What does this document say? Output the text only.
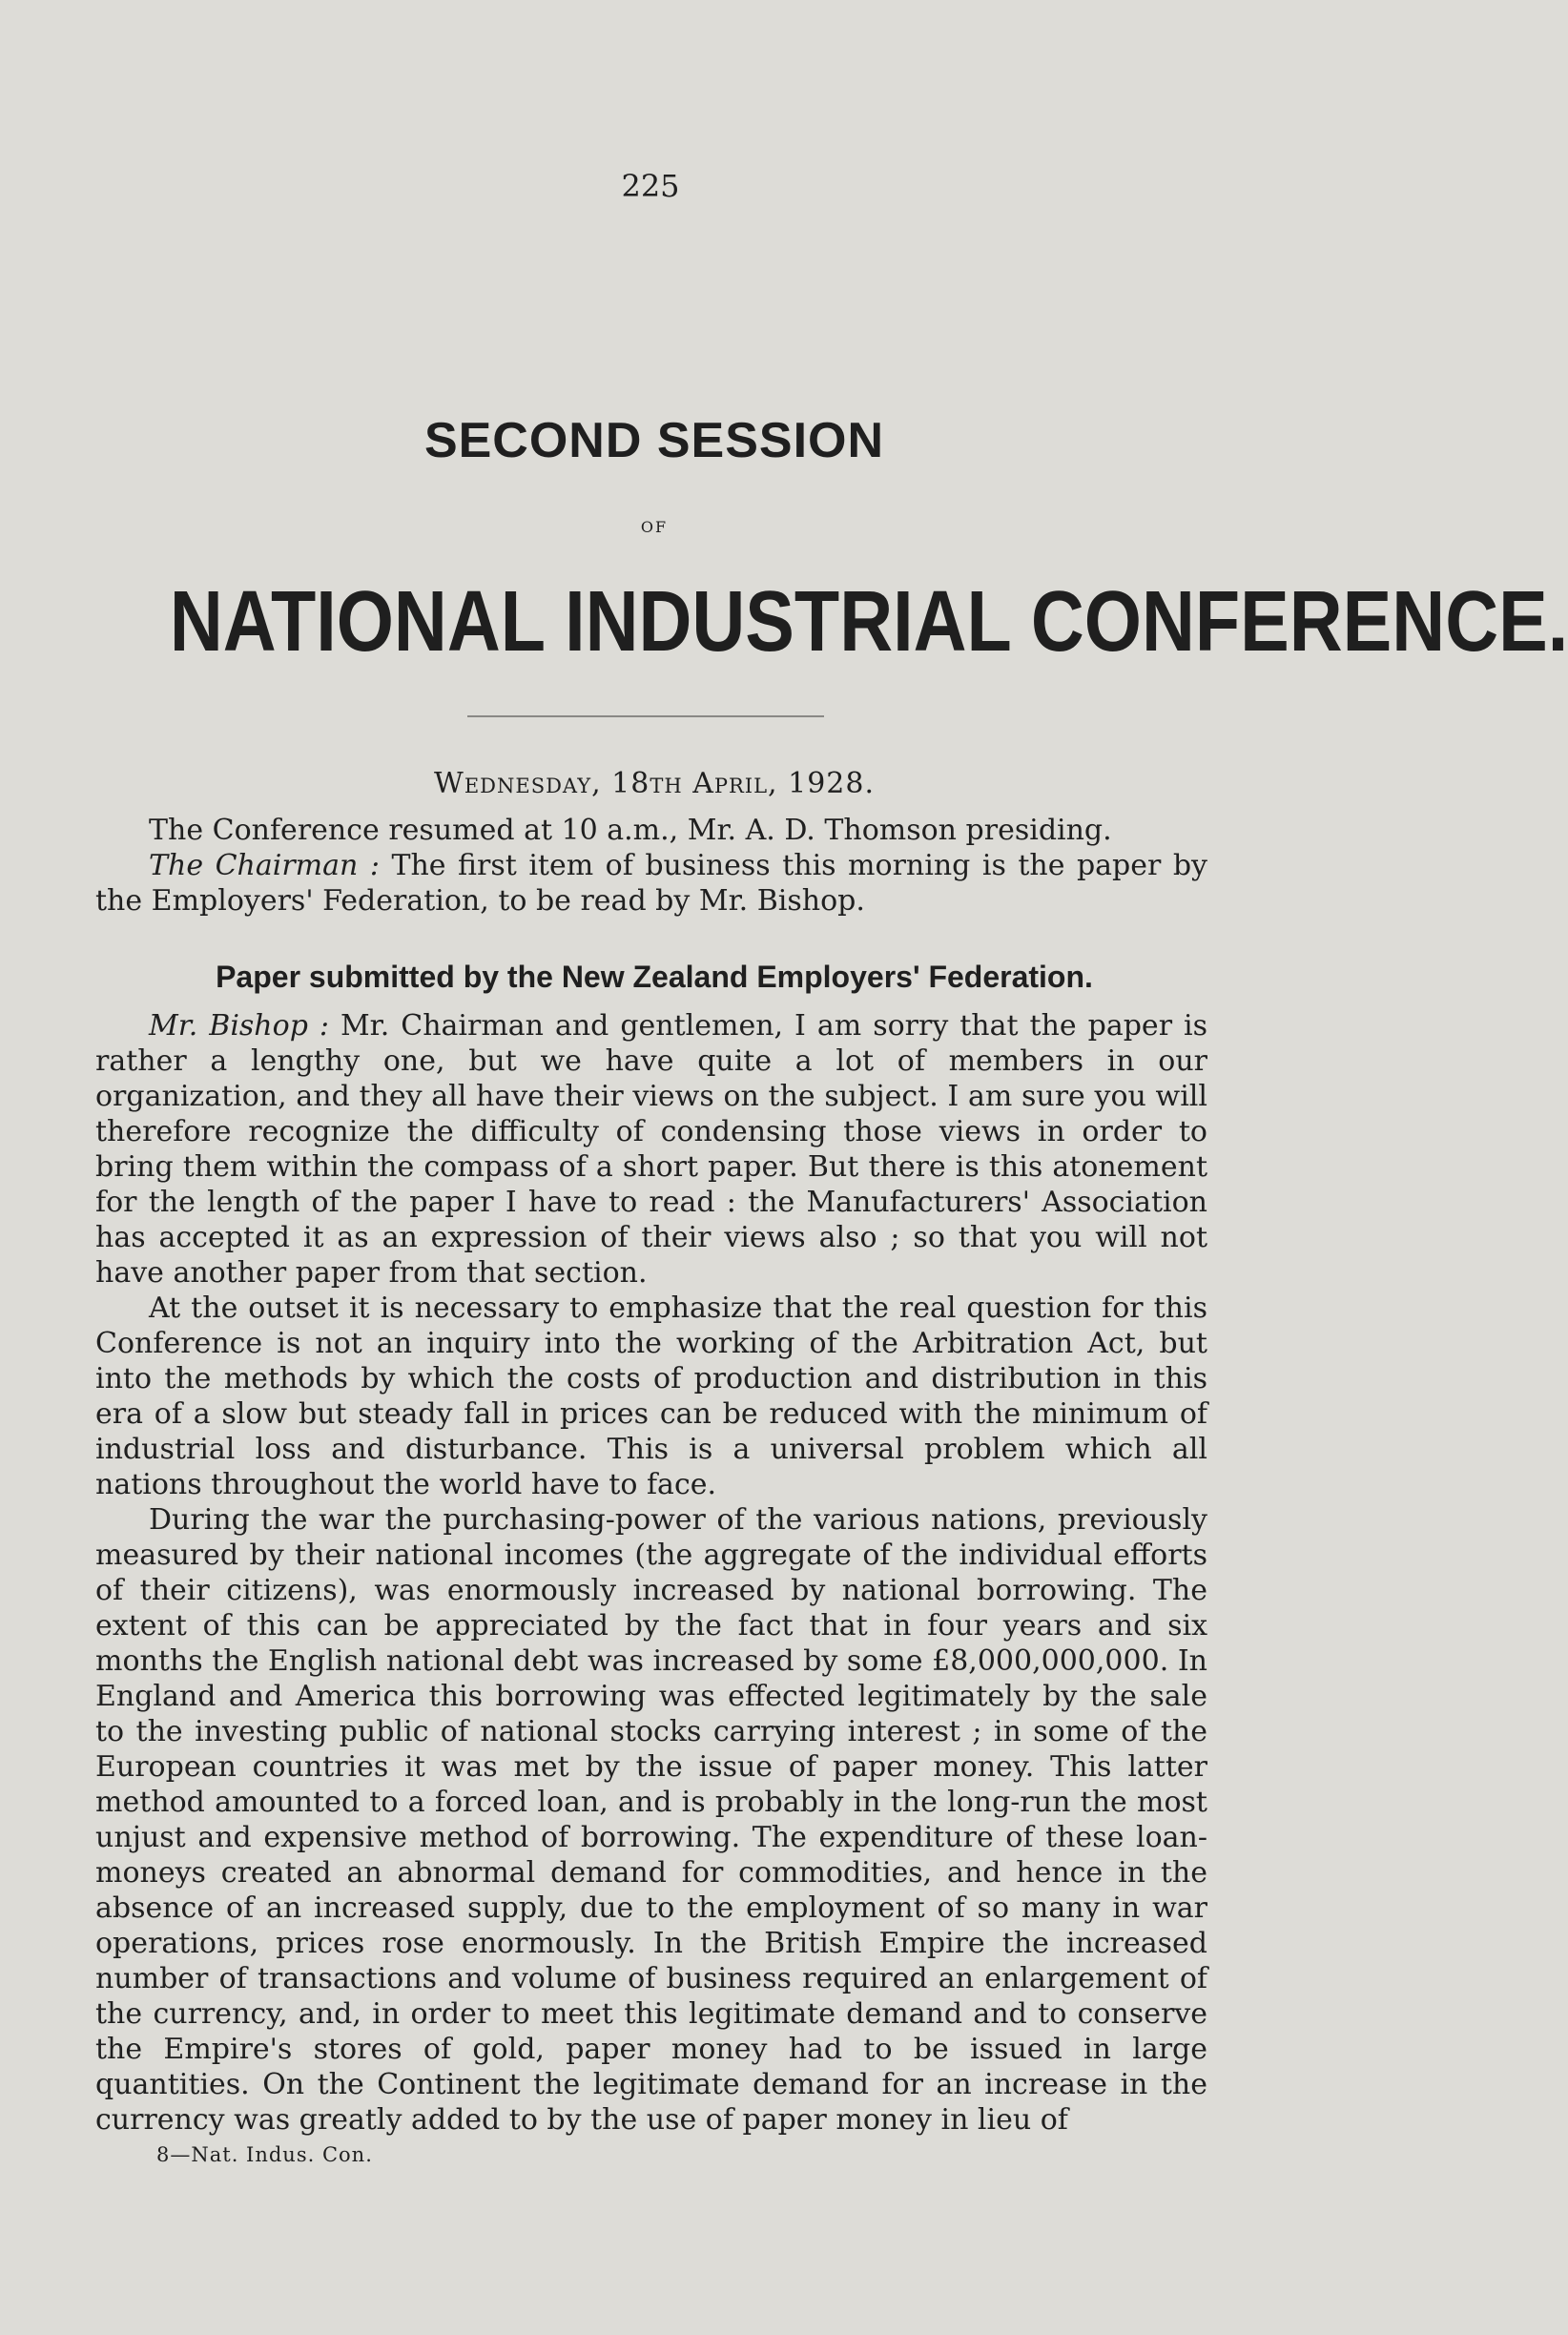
225
SECOND SESSION
OF
NATIONAL INDUSTRIAL CONFERENCE.
Wednesday, 18th April, 1928.

The Conference resumed at 10 a.m., Mr. A. D. Thomson presiding.

The Chairman : The first item of business this morning is the paper by the Employers' Federation, to be read by Mr. Bishop.

Paper submitted by the New Zealand Employers' Federation.

Mr. Bishop : Mr. Chairman and gentlemen, I am sorry that the paper is rather a lengthy one, but we have quite a lot of members in our organization, and they all have their views on the subject. I am sure you will therefore recognize the difficulty of condensing those views in order to bring them within the compass of a short paper. But there is this atonement for the length of the paper I have to read : the Manufacturers' Association has accepted it as an expression of their views also ; so that you will not have another paper from that section.

At the outset it is necessary to emphasize that the real question for this Conference is not an inquiry into the working of the Arbitration Act, but into the methods by which the costs of production and distribution in this era of a slow but steady fall in prices can be reduced with the minimum of industrial loss and disturbance. This is a universal problem which all nations throughout the world have to face.

During the war the purchasing-power of the various nations, previously measured by their national incomes (the aggregate of the individual efforts of their citizens), was enormously increased by national borrowing. The extent of this can be appreciated by the fact that in four years and six months the English national debt was increased by some £8,000,000,000. In England and America this borrowing was effected legitimately by the sale to the investing public of national stocks carrying interest ; in some of the European countries it was met by the issue of paper money. This latter method amounted to a forced loan, and is probably in the long-run the most unjust and expensive method of borrowing. The expenditure of these loan-moneys created an abnormal demand for commodities, and hence in the absence of an increased supply, due to the employment of so many in war operations, prices rose enormously. In the British Empire the increased number of transactions and volume of business required an enlargement of the currency, and, in order to meet this legitimate demand and to conserve the Empire's stores of gold, paper money had to be issued in large quantities. On the Continent the legitimate demand for an increase in the currency was greatly added to by the use of paper money in lieu of

8—Nat. Indus. Con.
